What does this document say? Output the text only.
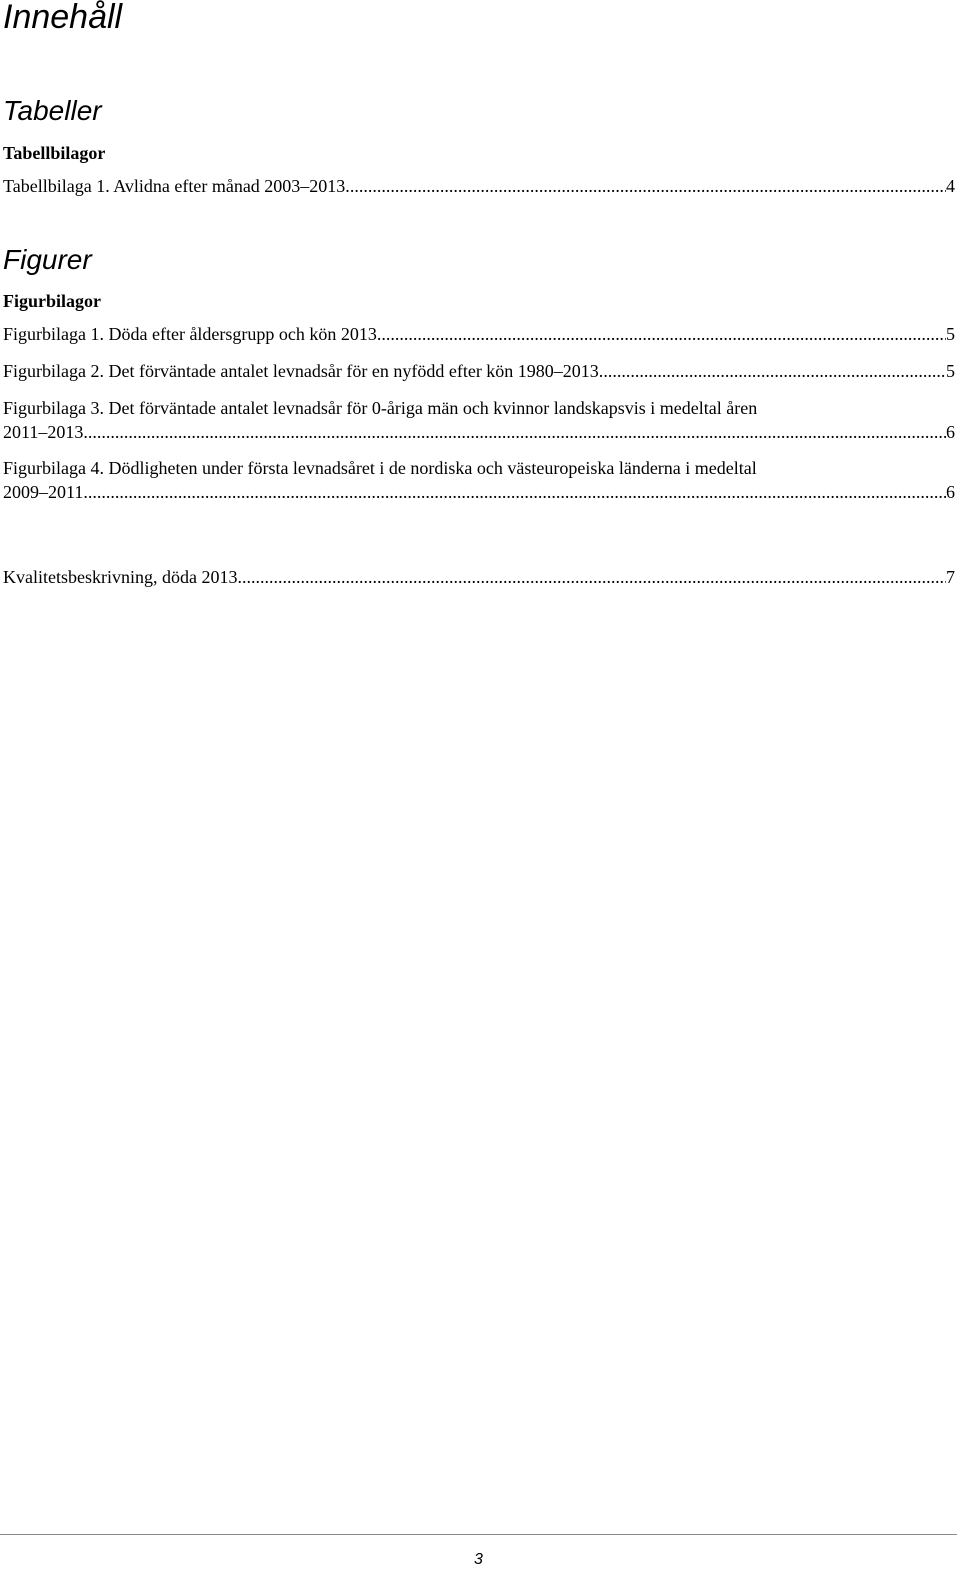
Innehåll
Tabeller
Tabellbilagor
Tabellbilaga 1. Avlidna efter månad 2003–2013. .....	4
Figurer
Figurbilagor
Figurbilaga 1. Döda efter åldersgrupp och kön 2013. .....	5
Figurbilaga 2. Det förväntade antalet levnadsår för en nyfödd efter kön 1980–2013. .....	5
Figurbilaga 3. Det förväntade antalet levnadsår för 0-åriga män och kvinnor landskapsvis i medeltal åren
2011–2013. .....	6
Figurbilaga 4. Dödligheten under första levnadsåret i de nordiska och västeuropeiska länderna i medeltal
2009–2011. .....	6
Kvalitetsbeskrivning, döda 2013 .....	7
3
